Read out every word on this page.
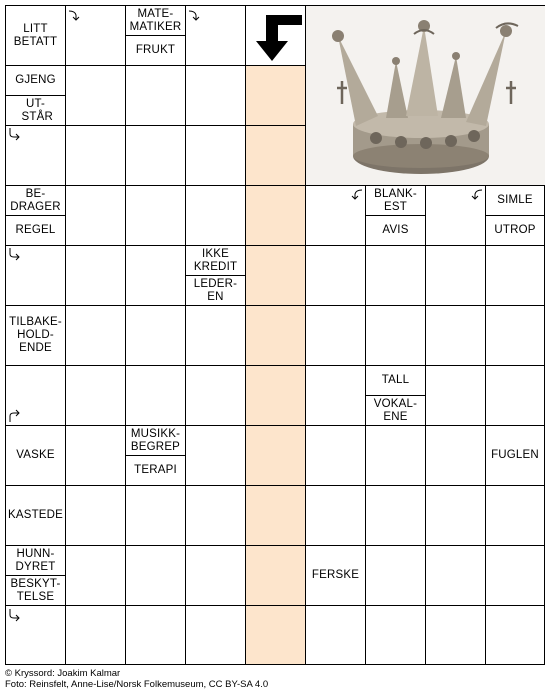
LITT BETATT
MATE-MATIKER
FRUKT
GJENG
UT-STÅR
BE-DRAGER
REGEL
BLANK-EST
AVIS
SIMLE
UTROP
IKKE KREDIT
LEDER-EN
TILBAKE-HOLD-ENDE
TALL
VOKAL-ENE
VASKE
MUSIKK-BEGREP
TERAPI
FUGLEN
KASTEDE
HUNN-DYRET
BESKYT-TELSE
FERSKE
© Kryssord: Joakim Kalmar
Foto: Reinsfelt, Anne-Lise/Norsk Folkemuseum, CC BY-SA 4.0
